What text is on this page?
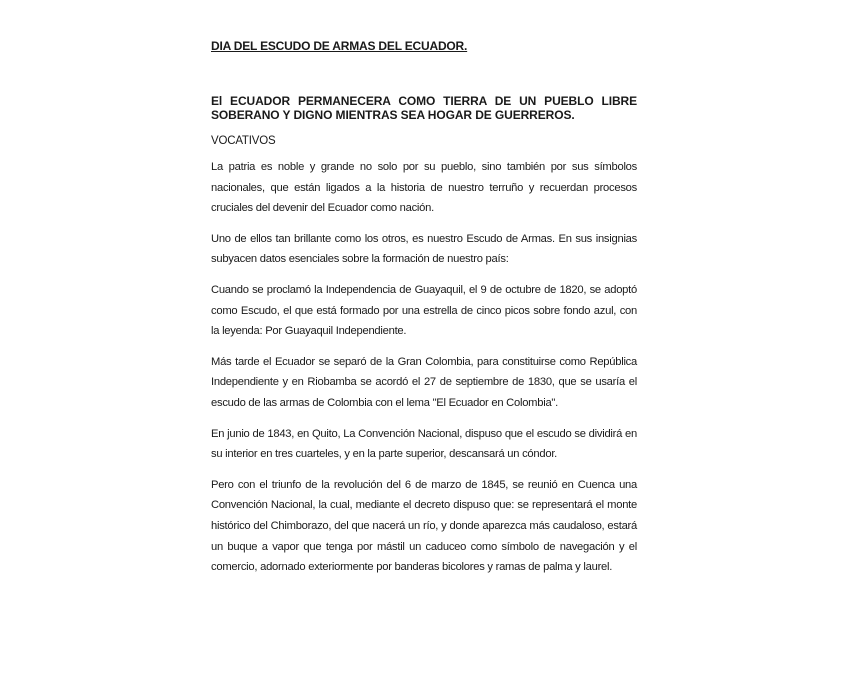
DIA DEL ESCUDO DE ARMAS DEL ECUADOR.

El ECUADOR PERMANECERA COMO TIERRA DE UN PUEBLO LIBRE SOBERANO Y DIGNO MIENTRAS SEA HOGAR DE GUERREROS.

VOCATIVOS

La patria es noble y grande no solo por su pueblo, sino también por sus símbolos nacionales, que están ligados a la historia de nuestro terruño y recuerdan procesos cruciales del devenir del Ecuador como nación.

Uno de ellos tan brillante como los otros, es nuestro Escudo de Armas. En sus insignias subyacen datos esenciales sobre la formación de nuestro país:

Cuando se proclamó la Independencia de Guayaquil, el 9 de octubre de 1820, se adoptó como Escudo, el que está formado por una estrella de cinco picos sobre fondo azul, con la leyenda: Por Guayaquil Independiente.

Más tarde el Ecuador se separó de la Gran Colombia, para constituirse como República Independiente y en Riobamba se acordó el 27 de septiembre de 1830, que se usaría el escudo de las armas de Colombia con el lema "El Ecuador en Colombia".

En junio de 1843, en Quito, La Convención Nacional, dispuso que el escudo se dividirá en su interior en tres cuarteles, y en la parte superior, descansará un cóndor.

Pero con el triunfo de la revolución del 6 de marzo de 1845, se reunió en Cuenca una Convención Nacional, la cual, mediante el decreto dispuso que: se representará el monte histórico del Chimborazo, del que nacerá un río, y donde aparezca más caudaloso, estará un buque a vapor que tenga por mástil un caduceo como símbolo de navegación y el comercio, adornado exteriormente por banderas bicolores y ramas de palma y laurel.
